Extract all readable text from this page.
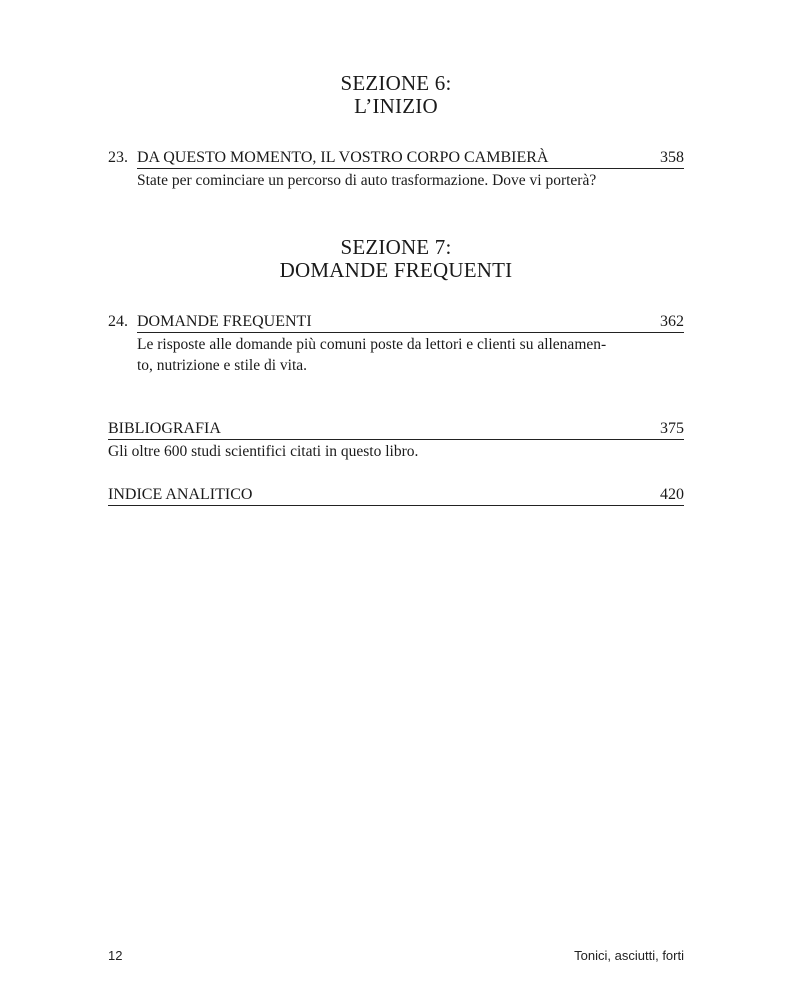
SEZIONE 6:
L’INIZIO
23. DA QUESTO MOMENTO, IL VOSTRO CORPO CAMBIERÀ	358
State per cominciare un percorso di auto trasformazione. Dove vi porterà?
SEZIONE 7:
DOMANDE FREQUENTI
24. DOMANDE FREQUENTI	362
Le risposte alle domande più comuni poste da lettori e clienti su allenamen-
to, nutrizione e stile di vita.
BIBLIOGRAFIA	375
Gli oltre 600 studi scientifici citati in questo libro.
INDICE ANALITICO	420
12	Tonici, asciutti, forti
